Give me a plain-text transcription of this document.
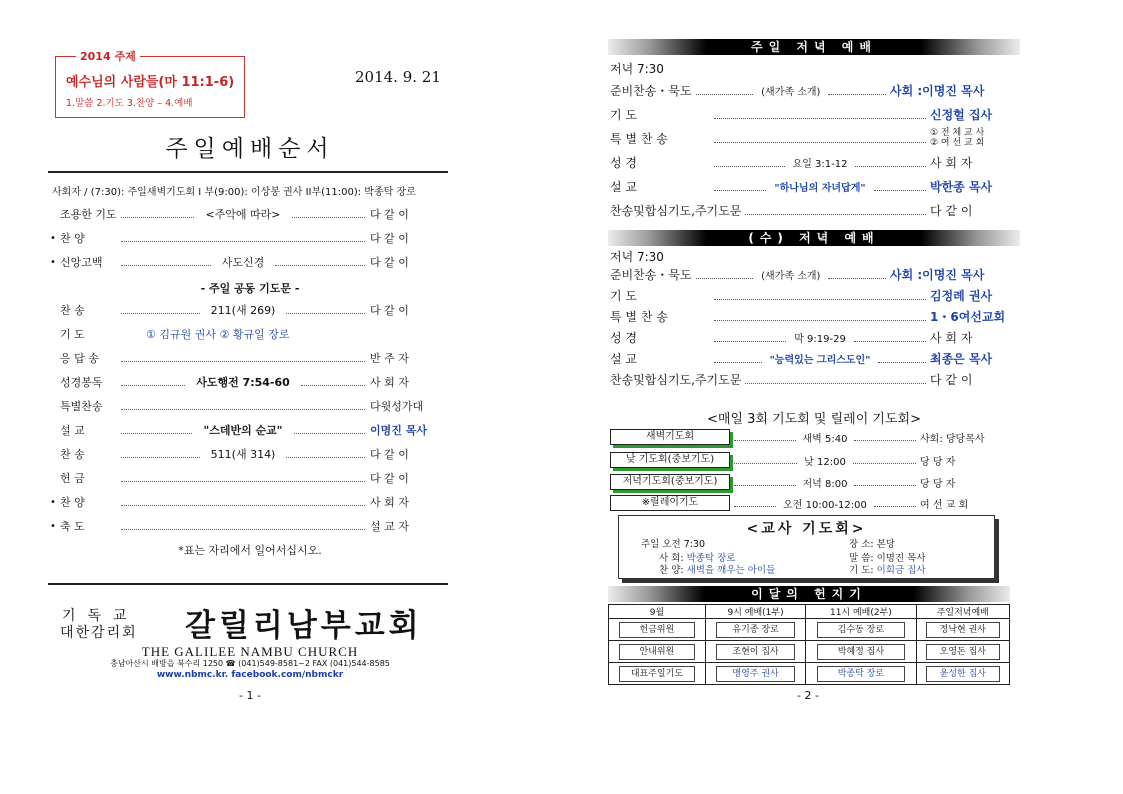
2014 주제
예수님의 사람들(마 11:1-6)
1.말씀 2.기도 3.찬양 – 4.예배
2014. 9. 21
주일예배순서
사회자 / (7:30): 주일새벽기도회 I 부(9:00): 이상봉 권사 II부(11:00): 박종탁 장로
조용한 기도	<주악에 따라>	다 같 이
• 찬 양	다 같 이
• 신앙고백	사도신경	다 같 이
- 주일 공동 기도문 -
찬 송	211(새 269)	다 같 이
기 도	① 김규원 권사 ② 황규일 장로
응 답 송	반 주 자
성경봉독	사도행전 7:54-60	사 회 자
특별찬송	다윗성가대
설 교	"스데반의 순교"	이명진 목사
찬 송	511(새 314)	다 같 이
헌 금	다 같 이
• 찬 양	사 회 자
• 축 도	설 교 자
*표는 자리에서 일어서십시오.
기독교
대한감리회 갈릴리남부교회
THE GALILEE NAMBU CHURCH
충남아산시 배방읍 북수리 1250 ☎ (041)549-8581~2 FAX (041)544-8585
www.nbmc.kr. facebook.com/nbmckr
- 1 -
주일 저녁 예배
저녁 7:30
준비찬송・묵도	(새가족 소개)	사회 :이명진 목사
기 도	신정헐 집사
특 별 찬 송	① 전 체 교 사
② 여 선 교 회
성 경	요일 3:1-12	사 회 자
설 교	"하나님의 자녀답게"	박한종 목사
찬송및합심기도,주기도문	다 같 이
(수) 저녁 예배
저녁 7:30
준비찬송・묵도	(새가족 소개)	사회 :이명진 목사
기 도	김정례 권사
특 별 찬 송	1・6여선교회
성 경	막 9:19-29	사 회 자
설 교	"능력있는 그리스도인"	최종은 목사
찬송및합심기도,주기도문	다 같 이
<매일 3회 기도회 및 릴레이 기도회>
새벽기도회	새벽 5:40	사회: 당당목사
낮 기도회(중보기도)	낮 12:00	당 당 자
저녁기도회(중보기도)	저녁 8:00	당 당 자
※릴레이기도	오전 10:00-12:00	여 선 교 회
<교사 기도회>
주일 오전 7:30	장 소: 본당
사 회: 박종탁 장로	말 씀: 이명진 목사
찬 양: 새벽을 깨우는 아이들	기 도: 이희금 집사
이달의 헌지기
9월	9시 예배(1부)	11시 예배(2부)	주일저녁예배
헌금위원	유기종 장로	김수동 장로	정낙현 권사
안내위원	조현이 집사	박혜정 집사	오영돈 집사
대표주일기도	맹영주 권사	박종탁 장로	윤성한 집사
- 2 -
